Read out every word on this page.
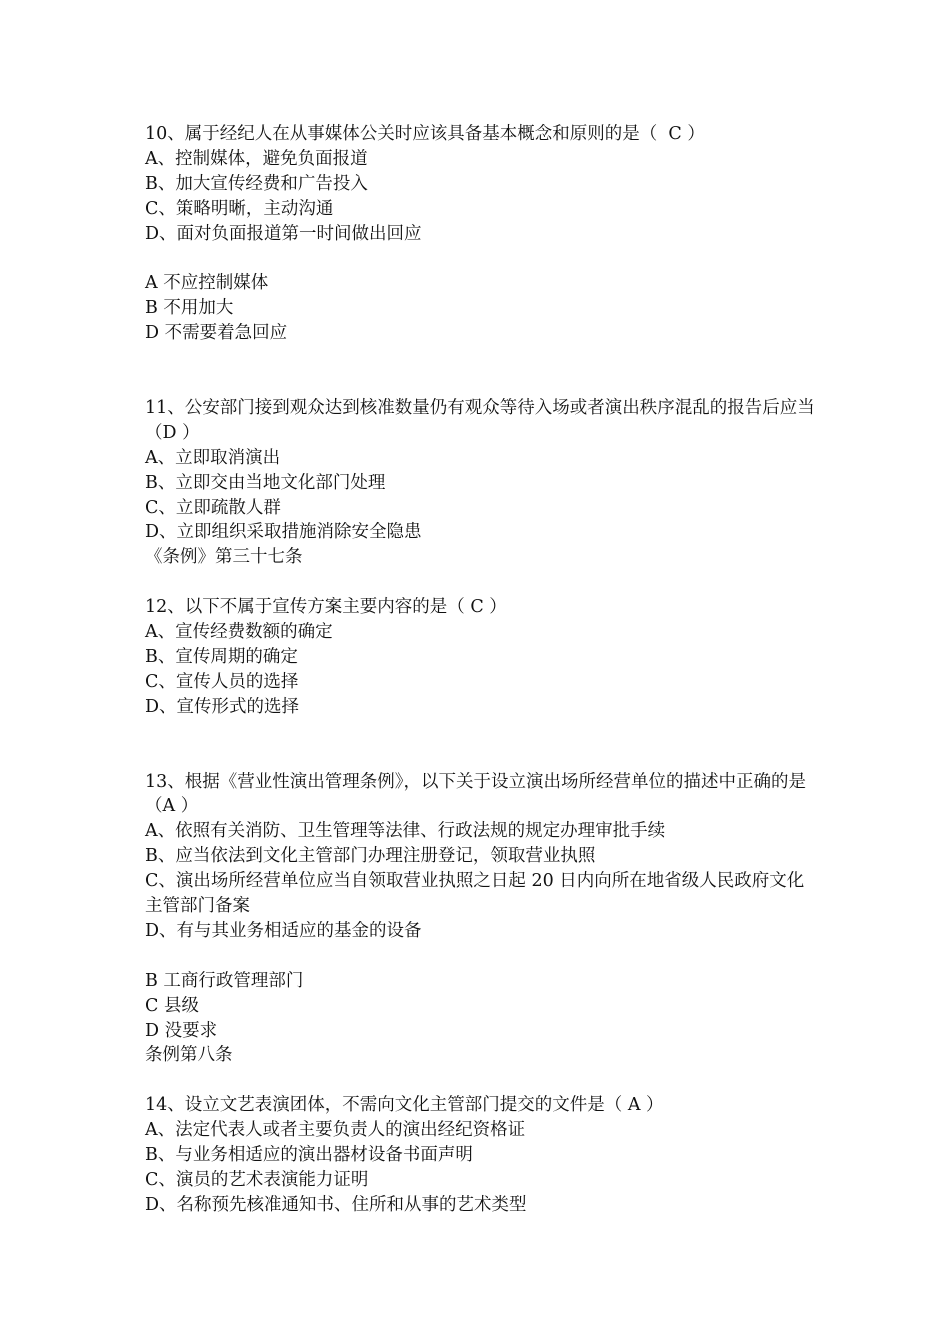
10、属于经纪人在从事媒体公关时应该具备基本概念和原则的是（  C ）

A、控制媒体，避免负面报道

B、加大宣传经费和广告投入

C、策略明晰，主动沟通

D、面对负面报道第一时间做出回应

A 不应控制媒体

B 不用加大

D 不需要着急回应

11、公安部门接到观众达到核准数量仍有观众等待入场或者演出秩序混乱的报告后应当（D ）

A、立即取消演出

B、立即交由当地文化部门处理

C、立即疏散人群

D、立即组织采取措施消除安全隐患

《条例》第三十七条

12、以下不属于宣传方案主要内容的是（ C ）

A、宣传经费数额的确定

B、宣传周期的确定

C、宣传人员的选择

D、宣传形式的选择

13、根据《营业性演出管理条例》，以下关于设立演出场所经营单位的描述中正确的是（A ）

A、依照有关消防、卫生管理等法律、行政法规的规定办理审批手续

B、应当依法到文化主管部门办理注册登记，领取营业执照

C、演出场所经营单位应当自领取营业执照之日起 20 日内向所在地省级人民政府文化主管部门备案

D、有与其业务相适应的基金的设备

B 工商行政管理部门

C 县级

D 没要求

条例第八条

14、设立文艺表演团体，不需向文化主管部门提交的文件是（ A ）

A、法定代表人或者主要负责人的演出经纪资格证

B、与业务相适应的演出器材设备书面声明

C、演员的艺术表演能力证明

D、名称预先核准通知书、住所和从事的艺术类型
